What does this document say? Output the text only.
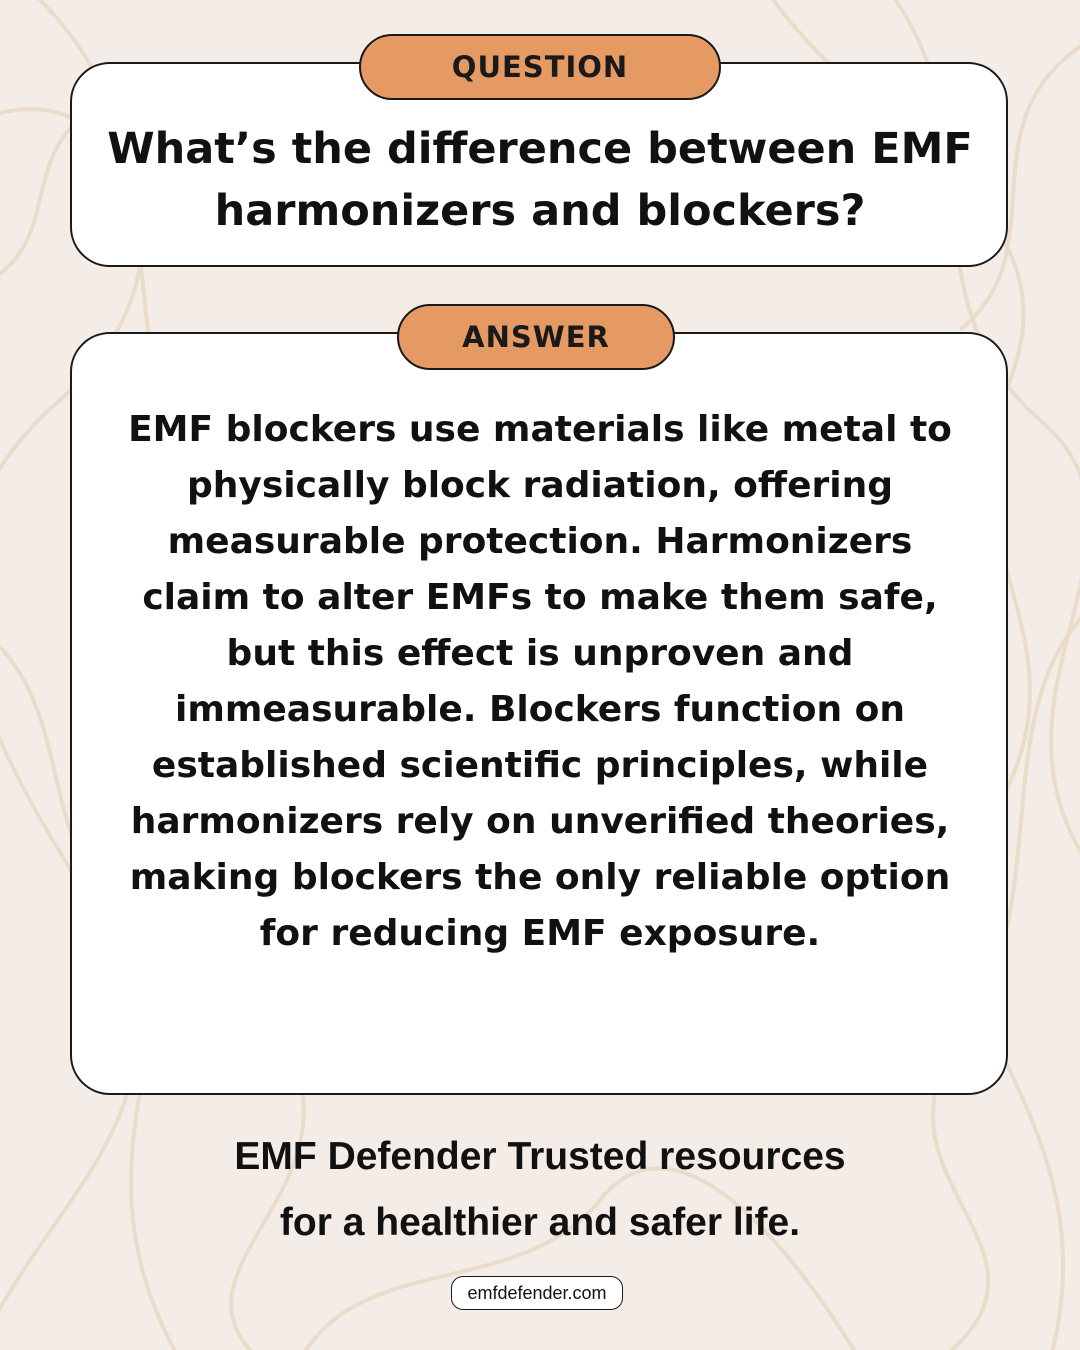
QUESTION
What’s the difference between EMF harmonizers and blockers?
ANSWER
EMF blockers use materials like metal to physically block radiation, offering measurable protection. Harmonizers claim to alter EMFs to make them safe, but this effect is unproven and immeasurable. Blockers function on established scientific principles, while harmonizers rely on unverified theories, making blockers the only reliable option for reducing EMF exposure.
EMF Defender Trusted resources
for a healthier and safer life.
emfdefender.com
